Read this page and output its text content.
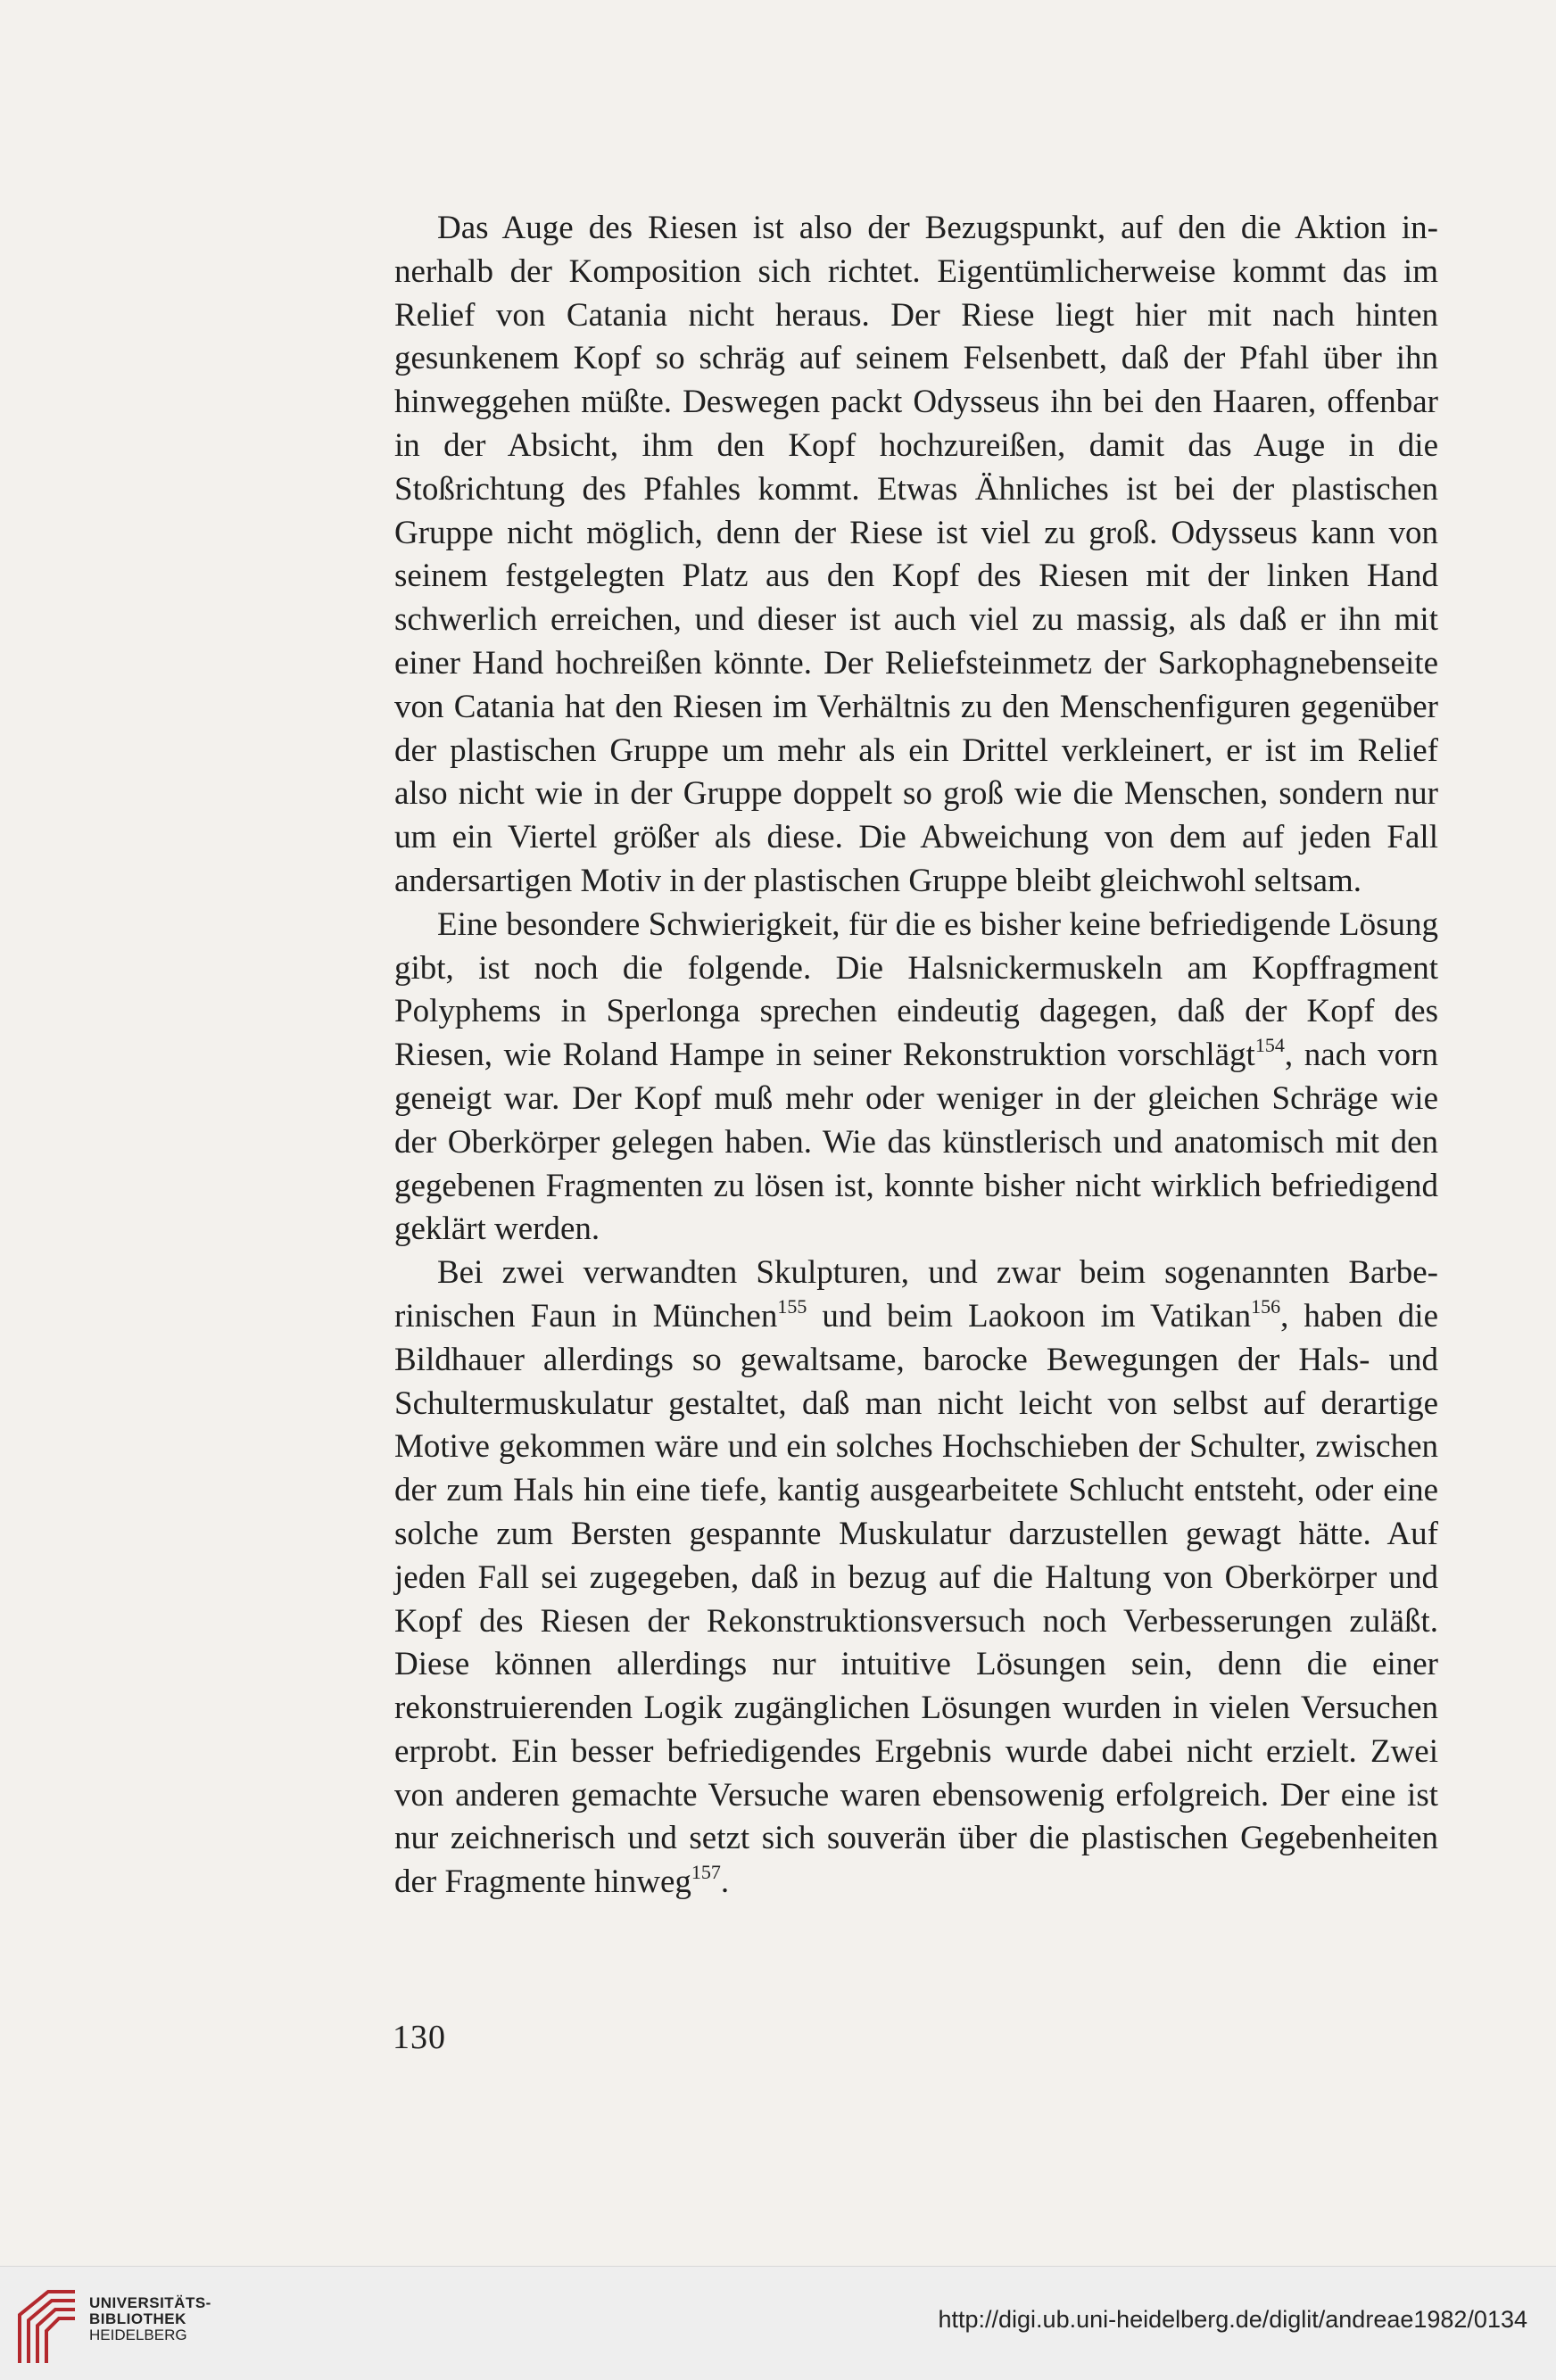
Das Auge des Riesen ist also der Bezugspunkt, auf den die Aktion innerhalb der Komposition sich richtet. Eigentümlicherweise kommt das im Relief von Catania nicht heraus. Der Riese liegt hier mit nach hinten gesunkenem Kopf so schräg auf seinem Felsenbett, daß der Pfahl über ihn hinweggehen müßte. Deswegen packt Odysseus ihn bei den Haaren, offenbar in der Absicht, ihm den Kopf hochzureißen, damit das Auge in die Stoßrichtung des Pfahles kommt. Etwas Ähnliches ist bei der plastischen Gruppe nicht möglich, denn der Riese ist viel zu groß. Odysseus kann von seinem festgelegten Platz aus den Kopf des Riesen mit der linken Hand schwerlich erreichen, und dieser ist auch viel zu massig, als daß er ihn mit einer Hand hochreißen könnte. Der Reliefsteinmetz der Sarkophagnebenseite von Catania hat den Riesen im Verhältnis zu den Menschenfiguren gegenüber der plastischen Gruppe um mehr als ein Drittel verkleinert, er ist im Relief also nicht wie in der Gruppe doppelt so groß wie die Menschen, sondern nur um ein Viertel größer als diese. Die Abweichung von dem auf jeden Fall andersartigen Motiv in der plastischen Gruppe bleibt gleichwohl seltsam.

Eine besondere Schwierigkeit, für die es bisher keine befriedigende Lösung gibt, ist noch die folgende. Die Halsnickermuskeln am Kopffragment Polyphems in Sperlonga sprechen eindeutig dagegen, daß der Kopf des Riesen, wie Roland Hampe in seiner Rekonstruktion vorschlägt$^{154}$, nach vorn geneigt war. Der Kopf muß mehr oder weniger in der gleichen Schräge wie der Oberkörper gelegen haben. Wie das künstlerisch und anatomisch mit den gegebenen Fragmenten zu lösen ist, konnte bisher nicht wirklich befriedigend geklärt werden.

Bei zwei verwandten Skulpturen, und zwar beim sogenannten Barberinischen Faun in München$^{155}$ und beim Laokoon im Vatikan$^{156}$, haben die Bildhauer allerdings so gewaltsame, barocke Bewegungen der Hals- und Schultermuskulatur gestaltet, daß man nicht leicht von selbst auf derartige Motive gekommen wäre und ein solches Hochschieben der Schulter, zwischen der zum Hals hin eine tiefe, kantig ausgearbeitete Schlucht entsteht, oder eine solche zum Bersten gespannte Muskulatur darzustellen gewagt hätte. Auf jeden Fall sei zugegeben, daß in bezug auf die Haltung von Oberkörper und Kopf des Riesen der Rekonstruktionsversuch noch Verbesserungen zuläßt. Diese können allerdings nur intuitive Lösungen sein, denn die einer rekonstruierenden Logik zugänglichen Lösungen wurden in vielen Versuchen erprobt. Ein besser befriedigendes Ergebnis wurde dabei nicht erzielt. Zwei von anderen gemachte Versuche waren ebensowenig erfolgreich. Der eine ist nur zeichnerisch und setzt sich souverän über die plastischen Gegebenheiten der Fragmente hinweg$^{157}$.

130
UNIVERSITÄTS-
BIBLIOTHEK
HEIDELBERG
http://digi.ub.uni-heidelberg.de/diglit/andreae1982/0134
